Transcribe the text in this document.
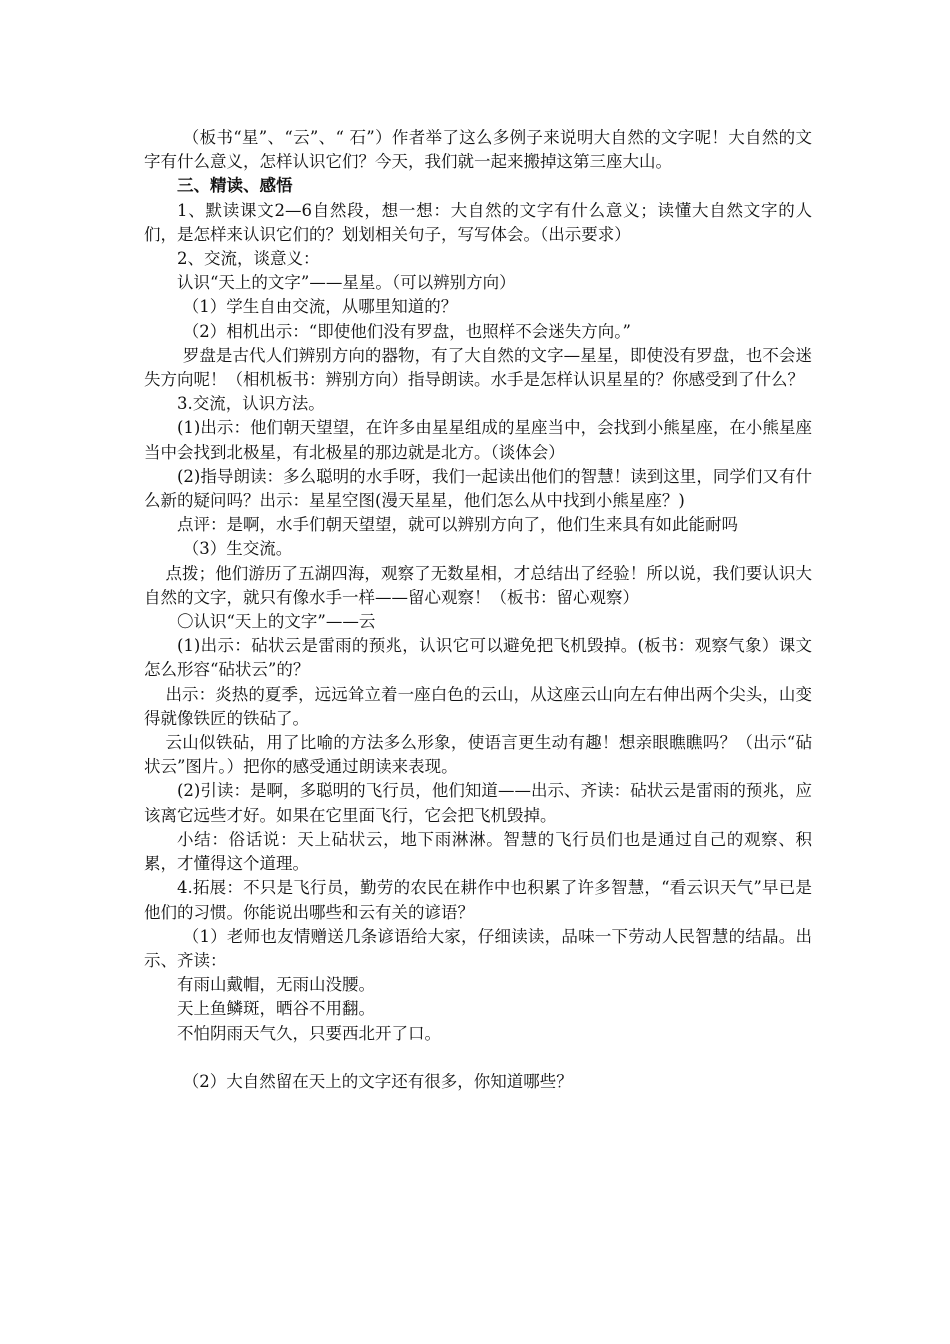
（板书“星”、“云”、“ 石”）作者举了这么多例子来说明大自然的文字呢！大自然的文字有什么意义，怎样认识它们？今天，我们就一起来搬掉这第三座大山。

三、精读、感悟

1、默读课文2—6自然段，想一想：大自然的文字有什么意义；读懂大自然文字的人们，是怎样来认识它们的？划划相关句子，写写体会。（出示要求）

2、交流，谈意义：

认识“天上的文字”——星星。（可以辨别方向）

（1）学生自由交流，从哪里知道的？

（2）相机出示：“即使他们没有罗盘，也照样不会迷失方向。”

罗盘是古代人们辨别方向的器物，有了大自然的文字—星星，即使没有罗盘，也不会迷失方向呢！（相机板书：辨别方向）指导朗读。水手是怎样认识星星的？你感受到了什么？

3.交流，认识方法。

(1)出示：他们朝天望望，在许多由星星组成的星座当中，会找到小熊星座，在小熊星座当中会找到北极星，有北极星的那边就是北方。（谈体会）

(2)指导朗读：多么聪明的水手呀，我们一起读出他们的智慧！读到这里，同学们又有什么新的疑问吗？出示：星星空图(漫天星星，他们怎么从中找到小熊星座？)

点评：是啊，水手们朝天望望，就可以辨别方向了，他们生来具有如此能耐吗

（3）生交流。

点拨；他们游历了五湖四海，观察了无数星相，才总结出了经验！所以说，我们要认识大自然的文字，就只有像水手一样——留心观察！（板书：留心观察）

〇认识“天上的文字”——云

(1)出示：砧状云是雷雨的预兆，认识它可以避免把飞机毁掉。(板书：观察气象）课文怎么形容“砧状云”的？

出示：炎热的夏季，远远耸立着一座白色的云山，从这座云山向左右伸出两个尖头，山变得就像铁匠的铁砧了。

云山似铁砧，用了比喻的方法多么形象，使语言更生动有趣！想亲眼瞧瞧吗？（出示“砧状云”图片。）把你的感受通过朗读来表现。

(2)引读：是啊，多聪明的飞行员，他们知道——出示、齐读：砧状云是雷雨的预兆，应该离它远些才好。如果在它里面飞行，它会把飞机毁掉。

小结：俗话说：天上砧状云，地下雨淋淋。智慧的飞行员们也是通过自己的观察、积累，才懂得这个道理。

4.拓展：不只是飞行员，勤劳的农民在耕作中也积累了许多智慧，“看云识天气”早已是他们的习惯。你能说出哪些和云有关的谚语？

（1）老师也友情赠送几条谚语给大家，仔细读读，品味一下劳动人民智慧的结晶。出示、齐读：

有雨山戴帽，无雨山没腰。

天上鱼鳞斑，晒谷不用翻。

不怕阴雨天气久，只要西北开了口。

（2）大自然留在天上的文字还有很多，你知道哪些？
